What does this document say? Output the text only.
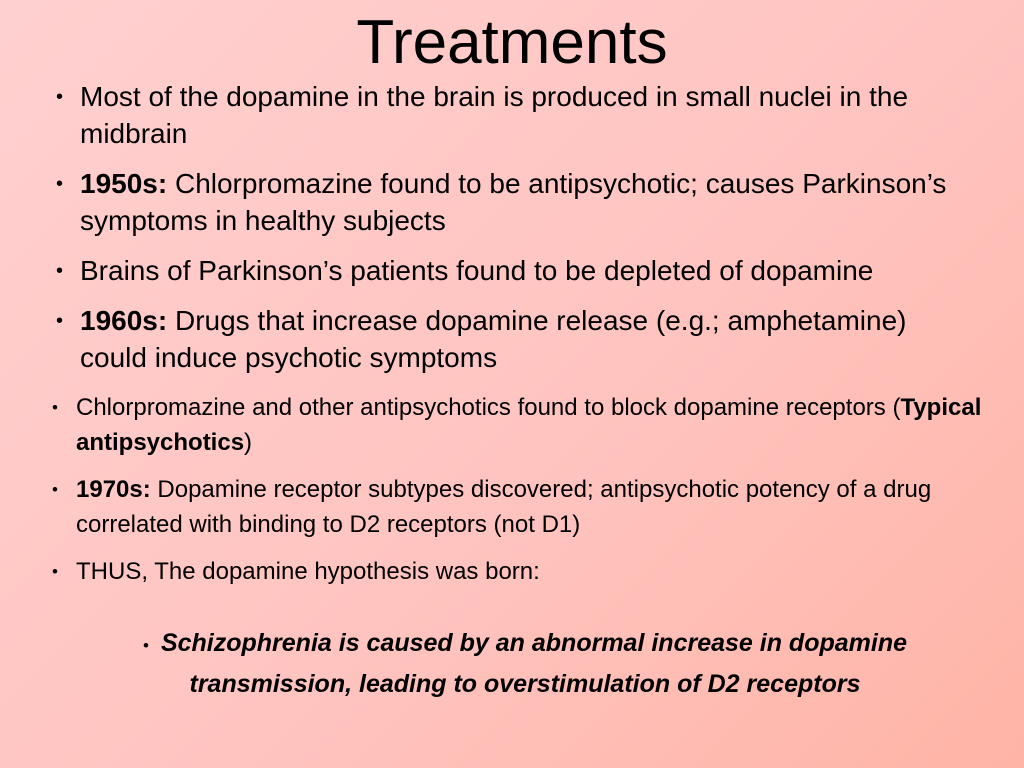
Treatments
• Most of the dopamine in the brain is produced in small nuclei in the midbrain
• 1950s: Chlorpromazine found to be antipsychotic; causes Parkinson’s symptoms in healthy subjects
• Brains of Parkinson’s patients found to be depleted of dopamine
• 1960s: Drugs that increase dopamine release (e.g.; amphetamine) could induce psychotic symptoms
• Chlorpromazine and other antipsychotics found to block dopamine receptors (Typical antipsychotics)
• 1970s: Dopamine receptor subtypes discovered; antipsychotic potency of a drug correlated with binding to D2 receptors (not D1)
• THUS, The dopamine hypothesis was born:
• Schizophrenia is caused by an abnormal increase in dopamine transmission, leading to overstimulation of D2 receptors
